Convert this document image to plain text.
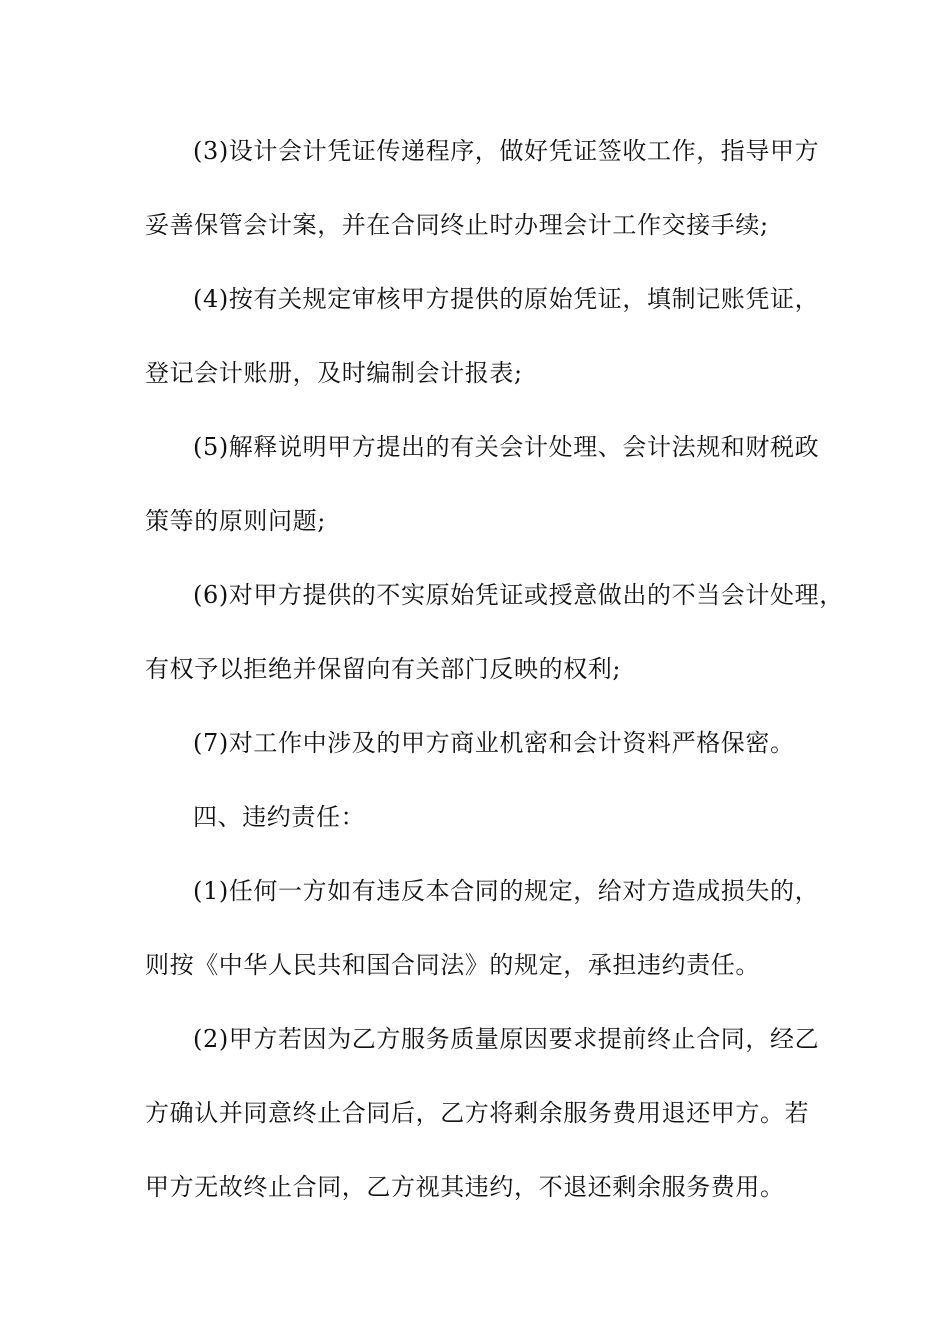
(3)设计会计凭证传递程序，做好凭证签收工作，指导甲方
妥善保管会计案，并在合同终止时办理会计工作交接手续;
(4)按有关规定审核甲方提供的原始凭证，填制记账凭证，
登记会计账册，及时编制会计报表;
(5)解释说明甲方提出的有关会计处理、会计法规和财税政
策等的原则问题;
(6)对甲方提供的不实原始凭证或授意做出的不当会计处理，
有权予以拒绝并保留向有关部门反映的权利;
(7)对工作中涉及的甲方商业机密和会计资料严格保密。
四、违约责任：
(1)任何一方如有违反本合同的规定，给对方造成损失的，
则按《中华人民共和国合同法》的规定，承担违约责任。
(2)甲方若因为乙方服务质量原因要求提前终止合同，经乙
方确认并同意终止合同后，乙方将剩余服务费用退还甲方。若
甲方无故终止合同，乙方视其违约，不退还剩余服务费用。
